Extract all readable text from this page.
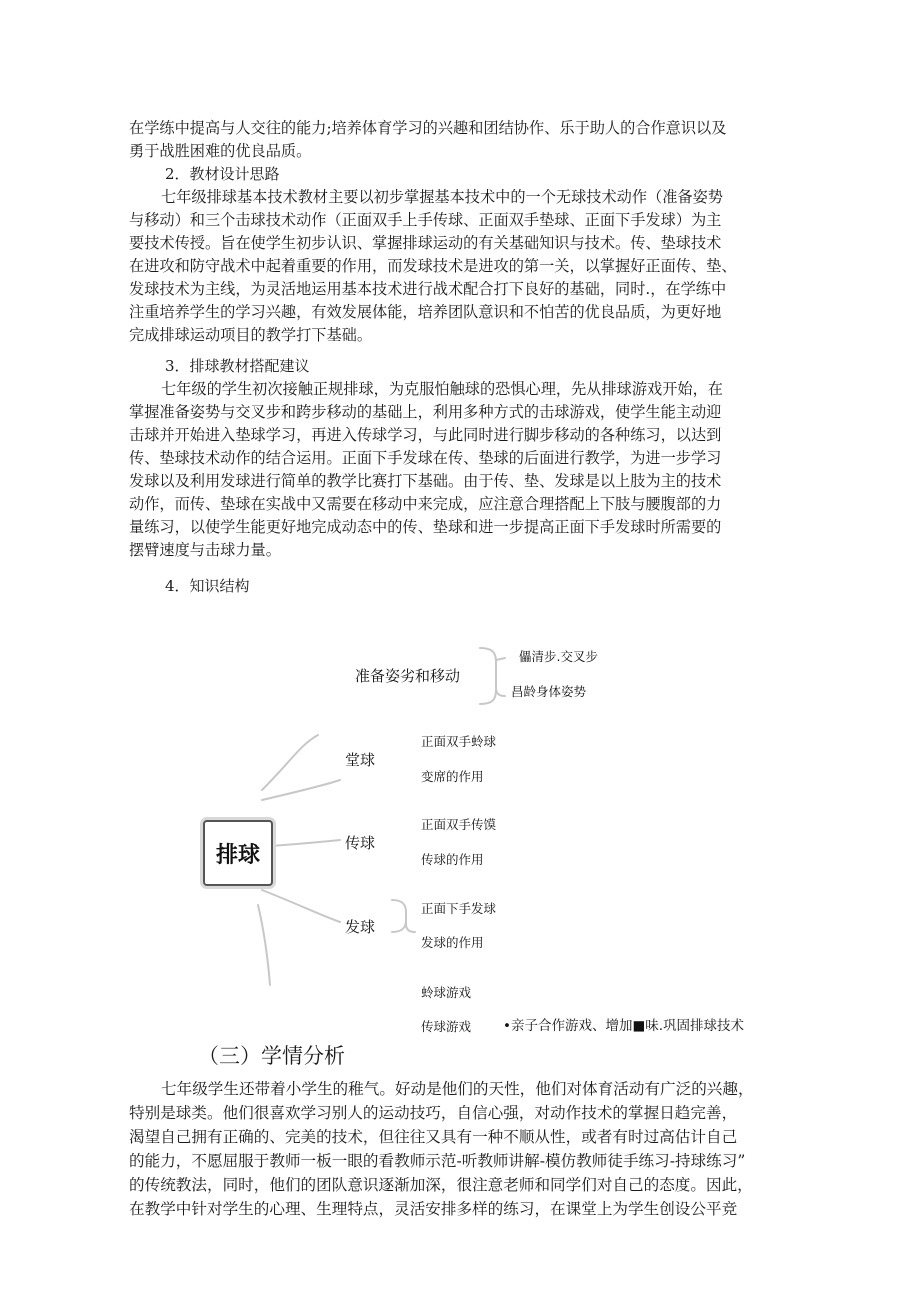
在学练中提高与人交往的能力;培养体育学习的兴趣和团结协作、乐于助人的合作意识以及
勇于战胜困难的优良品质。
2．教材设计思路
七年级排球基本技术教材主要以初步掌握基本技术中的一个无球技术动作（准备姿势
与移动）和三个击球技术动作（正面双手上手传球、正面双手垫球、正面下手发球）为主
要技术传授。旨在使学生初步认识、掌握排球运动的有关基础知识与技术。传、垫球技术
在进攻和防守战术中起着重要的作用，而发球技术是进攻的第一关，以掌握好正面传、垫、
发球技术为主线，为灵活地运用基本技术进行战术配合打下良好的基础，同时.，在学练中
注重培养学生的学习兴趣，有效发展体能，培养团队意识和不怕苦的优良品质，为更好地
完成排球运动项目的教学打下基础。
3．排球教材搭配建议
七年级的学生初次接触正规排球，为克服怕触球的恐惧心理，先从排球游戏开始，在
掌握准备姿势与交叉步和跨步移动的基础上，利用多种方式的击球游戏，使学生能主动迎
击球并开始进入垫球学习，再进入传球学习，与此同时进行脚步移动的各种练习，以达到
传、垫球技术动作的结合运用。正面下手发球在传、垫球的后面进行教学，为进一步学习
发球以及利用发球进行简单的教学比赛打下基础。由于传、垫、发球是以上肢为主的技术
动作，而传、垫球在实战中又需要在移动中来完成，应注意合理搭配上下肢与腰腹部的力
量练习，以使学生能更好地完成动态中的传、垫球和进一步提高正面下手发球时所需要的
摆臂速度与击球力量。
4．知识结构
排球
准备姿劣和移动
儡清步.交叉步
昌龄身体姿势
堂球
正面双手蛉球
变席的作用
传球
正面双手传馍
传球的作用
发球
正面下手发球
发球的作用
蛉球游戏
传球游戏 •亲子合作游戏、增加■味.巩固排球技术
（三）学情分析
七年级学生还带着小学生的稚气。好动是他们的天性，他们对体育活动有广泛的兴趣，
特别是球类。他们很喜欢学习别人的运动技巧，自信心强，对动作技术的掌握日趋完善，
渴望自己拥有正确的、完美的技术，但往往又具有一种不顺从性，或者有时过高估计自己
的能力，不愿屈服于教师一板一眼的看教师示范-听教师讲解-模仿教师徒手练习-持球练习”
的传统教法，同时，他们的团队意识逐渐加深，很注意老师和同学们对自己的态度。因此，
在教学中针对学生的心理、生理特点，灵活安排多样的练习，在课堂上为学生创设公平竞
